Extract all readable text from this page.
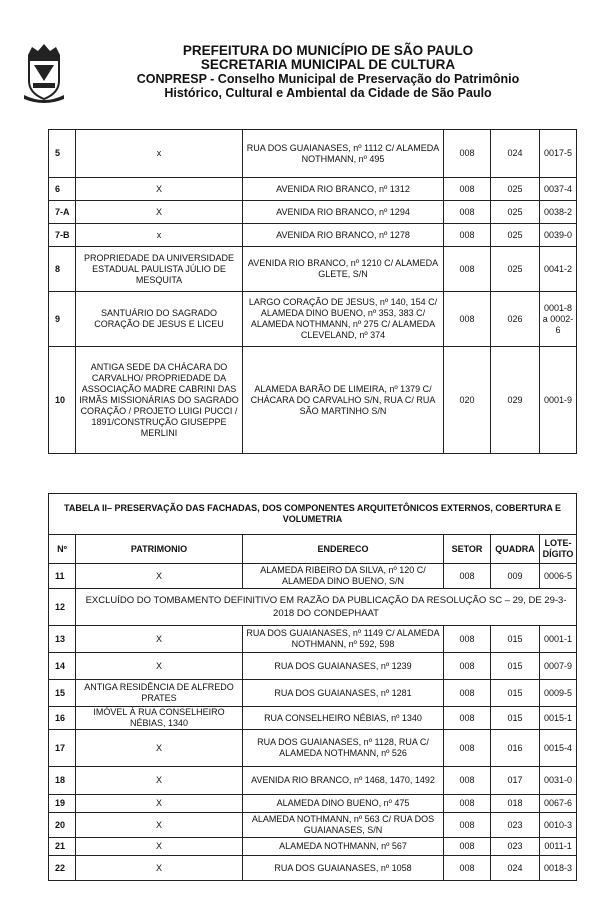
PREFEITURA DO MUNICÍPIO DE SÃO PAULO
SECRETARIA MUNICIPAL DE CULTURA
CONPRESP - Conselho Municipal de Preservação do Patrimônio
Histórico, Cultural e Ambiental da Cidade de São Paulo
5	x	RUA DOS GUAIANASES, nº 1112 C/ ALAMEDA NOTHMANN, nº 495	008	024	0017-5
6	X	AVENIDA RIO BRANCO, nº 1312	008	025	0037-4
7-A	X	AVENIDA RIO BRANCO, nº 1294	008	025	0038-2
7-B	x	AVENIDA RIO BRANCO, nº 1278	008	025	0039-0
8	PROPRIEDADE DA UNIVERSIDADE ESTADUAL PAULISTA JÚLIO DE MESQUITA	AVENIDA RIO BRANCO, nº 1210 C/ ALAMEDA GLETE, S/N	008	025	0041-2
9	SANTUÁRIO DO SAGRADO CORAÇÃO DE JESUS E LICEU	LARGO CORAÇÃO DE JESUS, nº 140, 154 C/ ALAMEDA DINO BUENO, nº 353, 383 C/ ALAMEDA NOTHMANN, nº 275 C/ ALAMEDA CLEVELAND, nº 374	008	026	0001-8 a 0002-6
10	ANTIGA SEDE DA CHÁCARA DO CARVALHO/ PROPRIEDADE DA ASSOCIAÇÃO MADRE CABRINI DAS IRMÃS MISSIONÁRIAS DO SAGRADO CORAÇÃO / PROJETO LUIGI PUCCI / 1891/CONSTRUÇÃO GIUSEPPE MERLINI	ALAMEDA BARÃO DE LIMEIRA, nº 1379 C/ CHÁCARA DO CARVALHO S/N, RUA C/ RUA SÃO MARTINHO S/N	020	029	0001-9
TABELA II– PRESERVAÇÃO DAS FACHADAS, DOS COMPONENTES ARQUITETÔNICOS EXTERNOS, COBERTURA E VOLUMETRIA					
Nº	PATRIMONIO	ENDERECO	SETOR	QUADRA	LOTE-DÍGITO
11	X	ALAMEDA RIBEIRO DA SILVA, nº 120 C/ ALAMEDA DINO BUENO, S/N	008	009	0006-5
12	EXCLUÍDO DO TOMBAMENTO DEFINITIVO EM RAZÃO DA PUBLICAÇÃO DA RESOLUÇÃO SC – 29, DE 29-3-2018 DO CONDEPHAAT				
13	X	RUA DOS GUAIANASES, nº 1149 C/ ALAMEDA NOTHMANN, nº 592, 598	008	015	0001-1
14	X	RUA DOS GUAIANASES, nº 1239	008	015	0007-9
15	ANTIGA RESIDÊNCIA DE ALFREDO PRATES	RUA DOS GUAIANASES, nº 1281	008	015	0009-5
16	IMÓVEL À RUA CONSELHEIRO NÉBIAS, 1340	RUA CONSELHEIRO NÉBIAS, nº 1340	008	015	0015-1
17	X	RUA DOS GUAIANASES, nº 1128, RUA C/ ALAMEDA NOTHMANN, nº 526	008	016	0015-4
18	X	AVENIDA RIO BRANCO, nº 1468, 1470, 1492	008	017	0031-0
19	X	ALAMEDA DINO BUENO, nº 475	008	018	0067-6
20	X	ALAMEDA NOTHMANN, nº 563 C/ RUA DOS GUAIANASES, S/N	008	023	0010-3
21	X	ALAMEDA NOTHMANN, nº 567	008	023	0011-1
22	X	RUA DOS GUAIANASES, nº 1058	008	024	0018-3
